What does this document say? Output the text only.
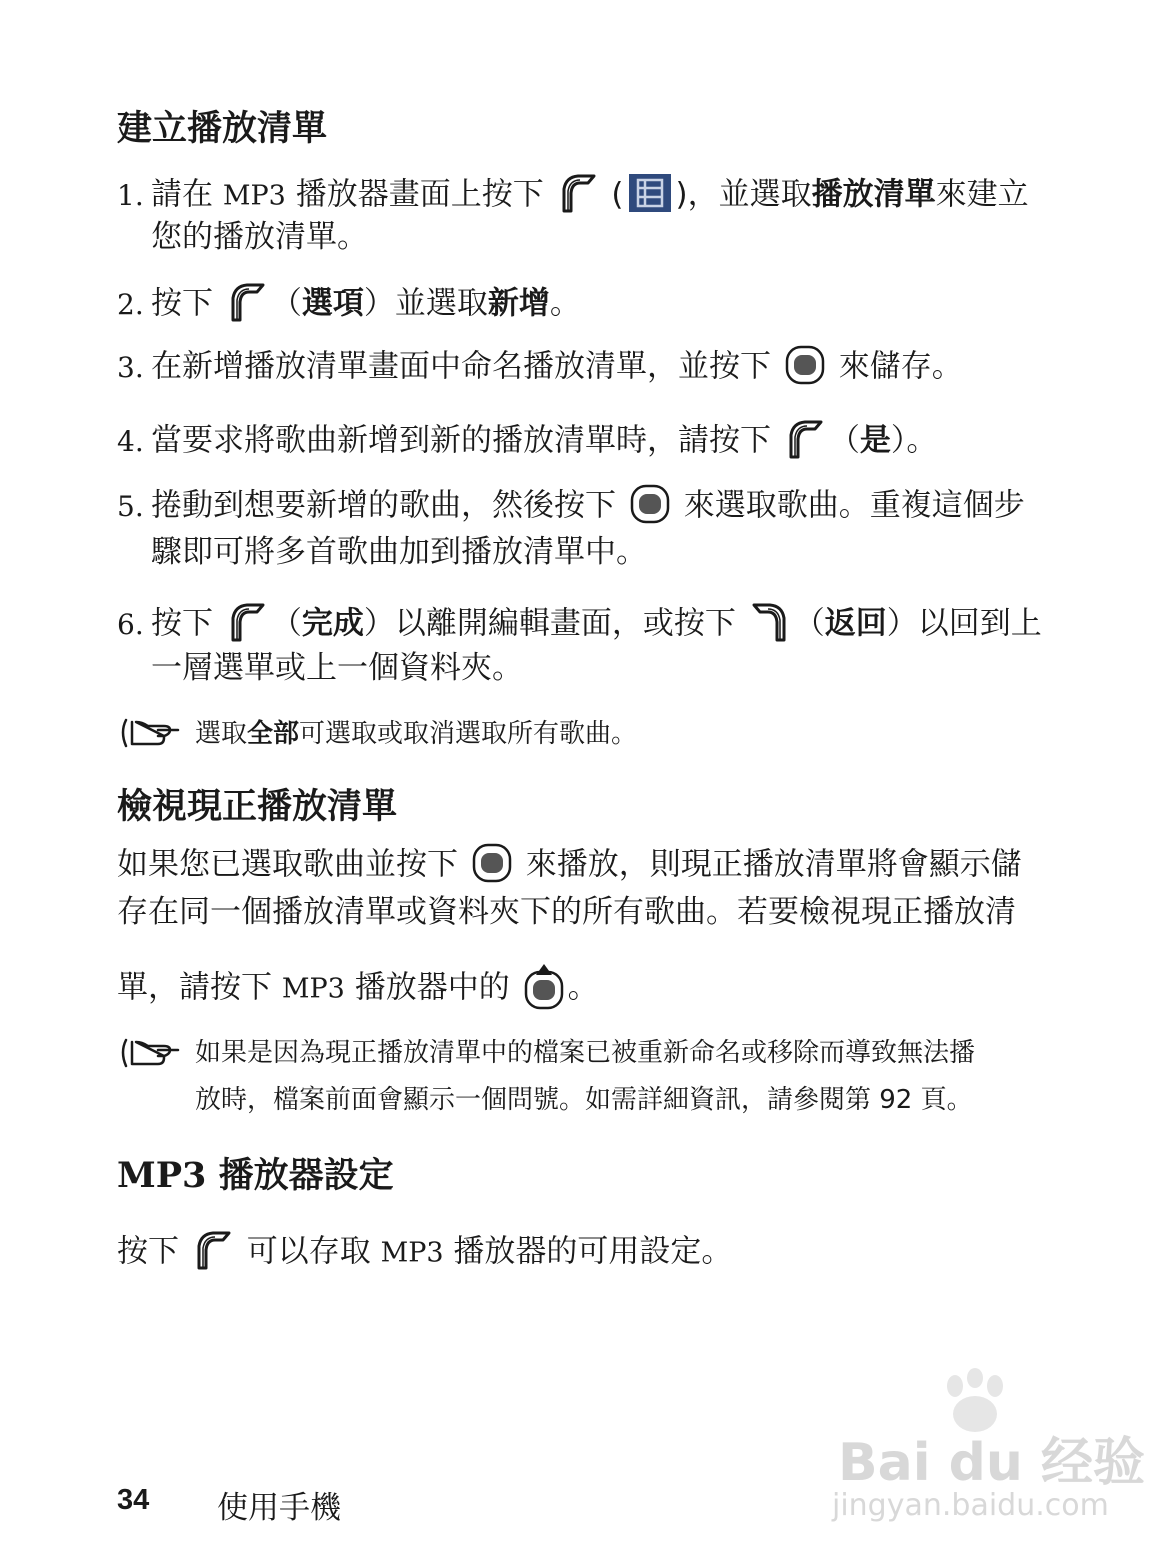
建立播放清單
1. 請在 MP3 播放器畫面上按下  ( )，並選取播放清單來建立
您的播放清單。
2. 按下 （選項）並選取新增。
3. 在新增播放清單畫面中命名播放清單，並按下  來儲存。
4. 當要求將歌曲新增到新的播放清單時，請按下 （是）。
5. 捲動到想要新增的歌曲，然後按下  來選取歌曲。重複這個步
驟即可將多首歌曲加到播放清單中。
6. 按下 （完成）以離開編輯畫面，或按下 （返回）以回到上
一層選單或上一個資料夾。
選取全部可選取或取消選取所有歌曲。
檢視現正播放清單
如果您已選取歌曲並按下  來播放，則現正播放清單將會顯示儲
存在同一個播放清單或資料夾下的所有歌曲。若要檢視現正播放清
單，請按下 MP3 播放器中的 。
如果是因為現正播放清單中的檔案已被重新命名或移除而導致無法播
放時，檔案前面會顯示一個問號。如需詳細資訊，請參閱第 92 頁。
MP3 播放器設定
按下  可以存取 MP3 播放器的可用設定。
Bai du 经验
jingyan.baidu.com
34 使用手機
